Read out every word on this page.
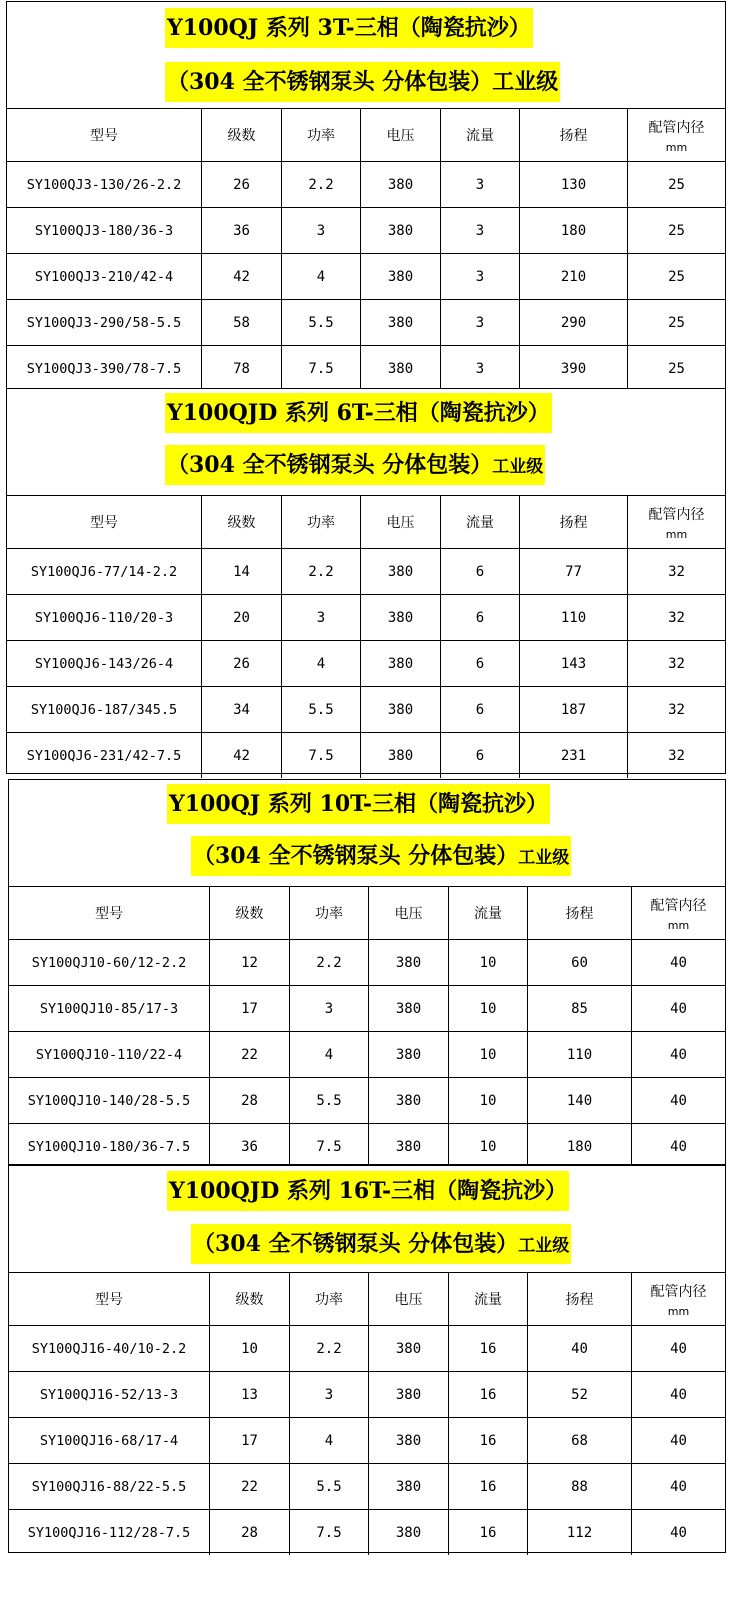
Y100QJ 系列 3T-三相（陶瓷抗沙）
（304 全不锈钢泵头 分体包装）工业级
型号	级数	功率	电压	流量	扬程	配管内径
mm

SY100QJ3-130/26-2.2	26	2.2	380	3	130	25
SY100QJ3-180/36-3	36	3	380	3	180	25
SY100QJ3-210/42-4	42	4	380	3	210	25
SY100QJ3-290/58-5.5	58	5.5	380	3	290	25
SY100QJ3-390/78-7.5	78	7.5	380	3	390	25
Y100QJD 系列 6T-三相（陶瓷抗沙）
（304 全不锈钢泵头 分体包装）工业级
型号	级数	功率	电压	流量	扬程	配管内径
mm

SY100QJ6-77/14-2.2	14	2.2	380	6	77	32
SY100QJ6-110/20-3	20	3	380	6	110	32
SY100QJ6-143/26-4	26	4	380	6	143	32
SY100QJ6-187/345.5	34	5.5	380	6	187	32
SY100QJ6-231/42-7.5	42	7.5	380	6	231	32
Y100QJ 系列 10T-三相（陶瓷抗沙）
（304 全不锈钢泵头 分体包装）工业级
型号	级数	功率	电压	流量	扬程	配管内径
mm

SY100QJ10-60/12-2.2	12	2.2	380	10	60	40
SY100QJ10-85/17-3	17	3	380	10	85	40
SY100QJ10-110/22-4	22	4	380	10	110	40
SY100QJ10-140/28-5.5	28	5.5	380	10	140	40
SY100QJ10-180/36-7.5	36	7.5	380	10	180	40
Y100QJD 系列 16T-三相（陶瓷抗沙）
（304 全不锈钢泵头 分体包装）工业级
型号	级数	功率	电压	流量	扬程	配管内径
mm

SY100QJ16-40/10-2.2	10	2.2	380	16	40	40
SY100QJ16-52/13-3	13	3	380	16	52	40
SY100QJ16-68/17-4	17	4	380	16	68	40
SY100QJ16-88/22-5.5	22	5.5	380	16	88	40
SY100QJ16-112/28-7.5	28	7.5	380	16	112	40
